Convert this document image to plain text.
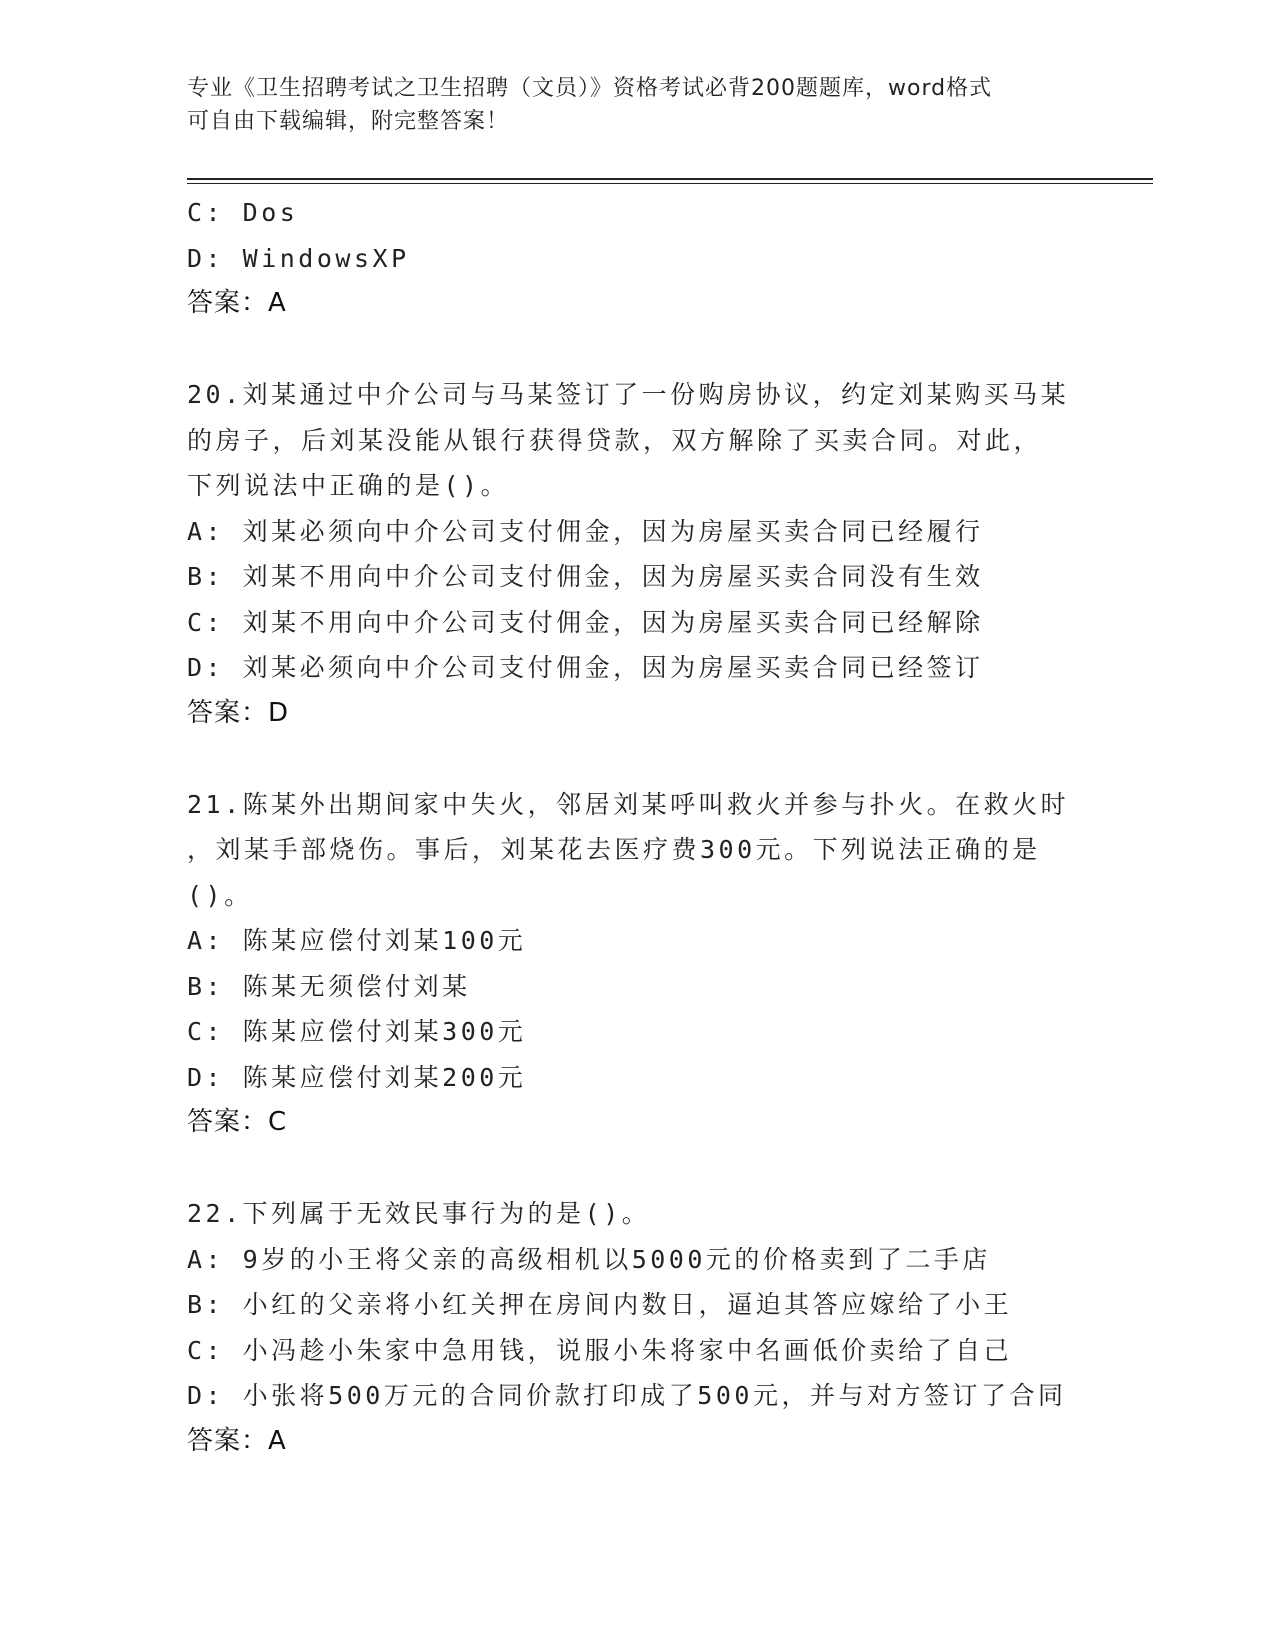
专业《卫生招聘考试之卫生招聘（文员）》资格考试必背200题题库，word格式
可自由下载编辑，附完整答案！
C: Dos
D: WindowsXP
答案：A
20.刘某通过中介公司与马某签订了一份购房协议，约定刘某购买马某
的房子，后刘某没能从银行获得贷款，双方解除了买卖合同。对此，
下列说法中正确的是()。
A: 刘某必须向中介公司支付佣金，因为房屋买卖合同已经履行
B: 刘某不用向中介公司支付佣金，因为房屋买卖合同没有生效
C: 刘某不用向中介公司支付佣金，因为房屋买卖合同已经解除
D: 刘某必须向中介公司支付佣金，因为房屋买卖合同已经签订
答案：D
21.陈某外出期间家中失火，邻居刘某呼叫救火并参与扑火。在救火时
，刘某手部烧伤。事后，刘某花去医疗费300元。下列说法正确的是
()。
A: 陈某应偿付刘某100元
B: 陈某无须偿付刘某
C: 陈某应偿付刘某300元
D: 陈某应偿付刘某200元
答案：C
22.下列属于无效民事行为的是()。
A: 9岁的小王将父亲的高级相机以5000元的价格卖到了二手店
B: 小红的父亲将小红关押在房间内数日，逼迫其答应嫁给了小王
C: 小冯趁小朱家中急用钱，说服小朱将家中名画低价卖给了自己
D: 小张将500万元的合同价款打印成了500元，并与对方签订了合同
答案：A
